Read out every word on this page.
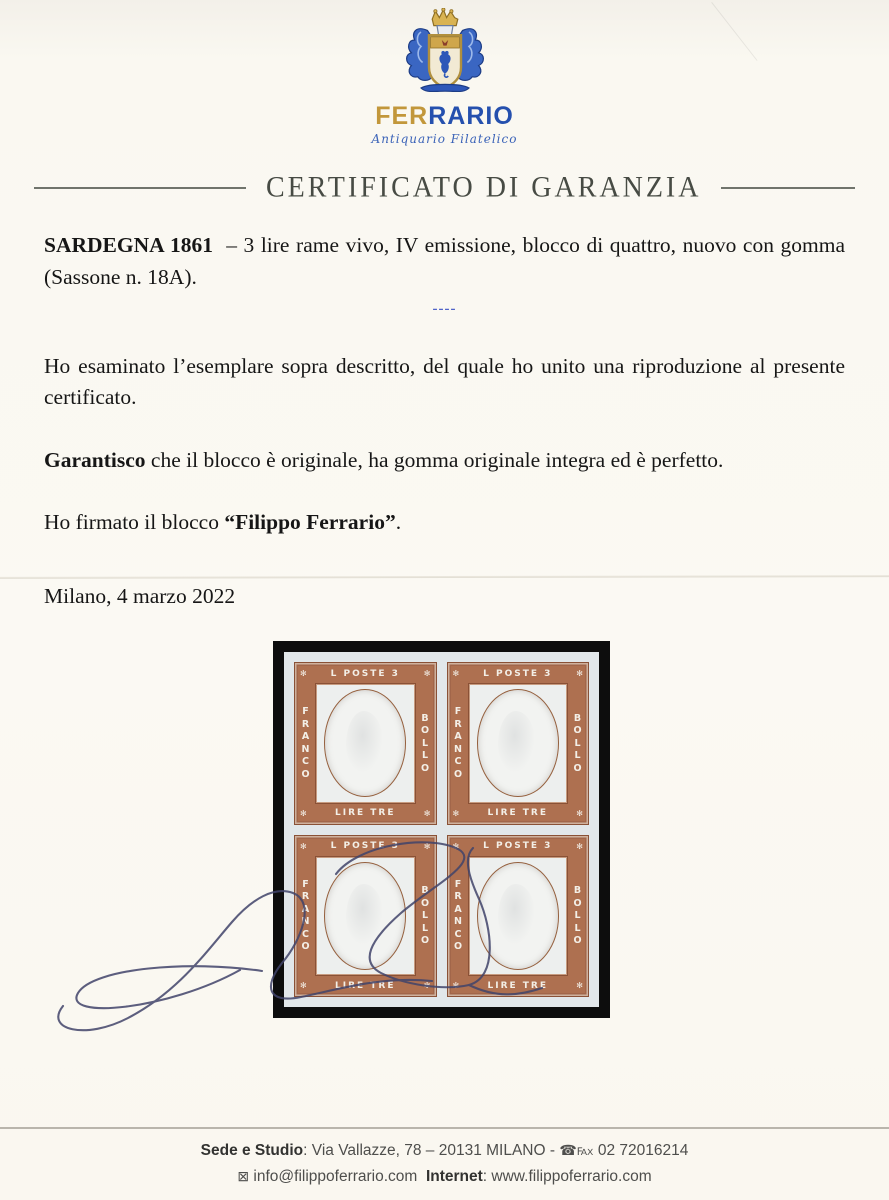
FERRARIO
Antiquario Filatelico
CERTIFICATO DI GARANZIA

SARDEGNA 1861  – 3 lire rame vivo, IV emissione, blocco di quattro, nuovo con gomma (Sassone n. 18A).

----

Ho esaminato l’esemplare sopra descritto, del quale ho unito una riproduzione al presente certificato.

Garantisco che il blocco è originale, ha gomma originale integra ed è perfetto.

Ho firmato il blocco “Filippo Ferrario”.

Milano, 4 marzo 2022

✻	L POSTE 3	✻
F
R
A
N
C
O
B
O
L
L
O
✻	LIRE TRE	✻
✻	L POSTE 3	✻
F
R
A
N
C
O
B
O
L
L
O
✻	LIRE TRE	✻
✻	L POSTE 3	✻
F
R
A
N
C
O
B
O
L
L
O
✻	LIRE TRE	✻
✻	L POSTE 3	✻
F
R
A
N
C
O
B
O
L
L
O
✻	LIRE TRE	✻
Sede e Studio: Via Vallazze, 78 – 20131 MILANO - ☎℻ 02 72016214
⊠ info@filippoferrario.com  Internet: www.filippoferrario.com
